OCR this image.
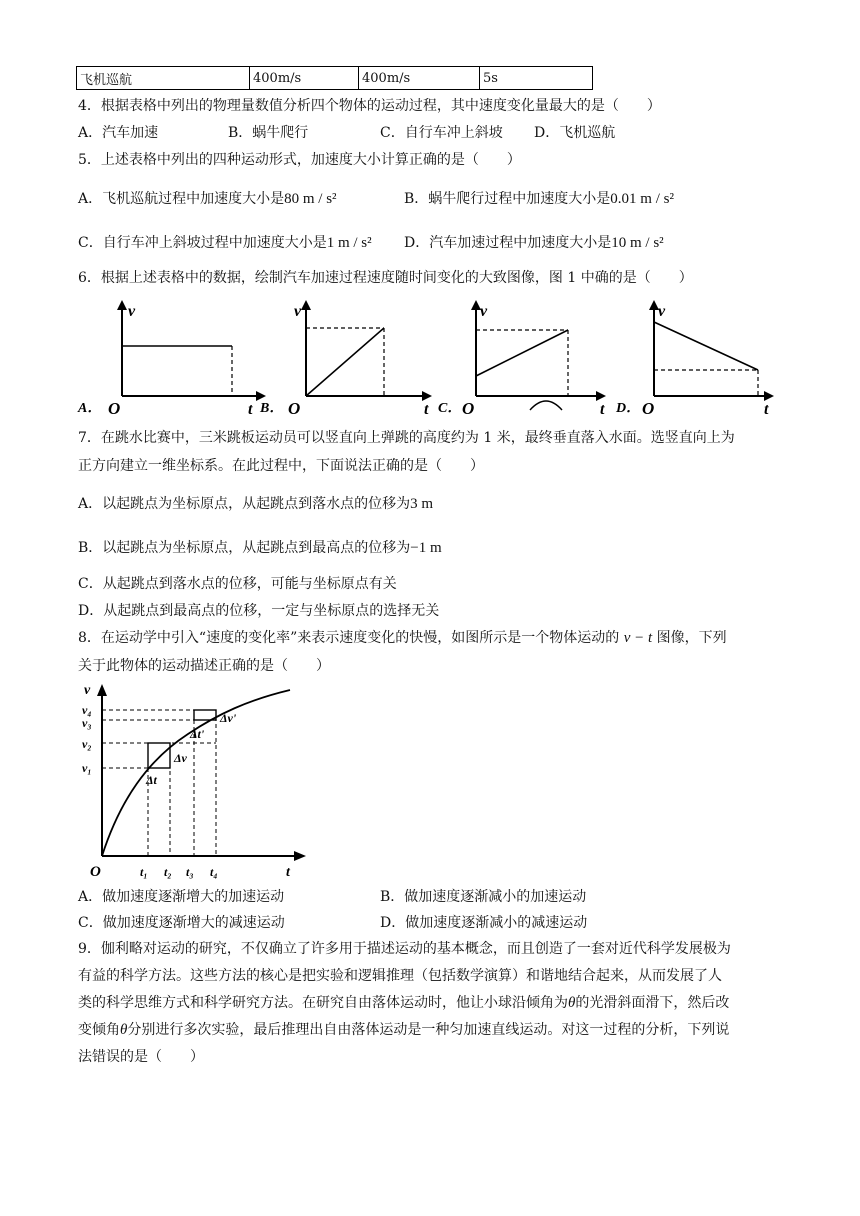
飞机巡航	400m/s	400m/s	5s
4．根据表格中列出的物理量数值分析四个物体的运动过程，其中速度变化量最大的是（　　）
A．汽车加速	B．蜗牛爬行	C．自行车冲上斜坡 D．飞机巡航
5．上述表格中列出的四种运动形式，加速度大小计算正确的是（　　）
A．飞机巡航过程中加速度大小是80 m / s²	B．蜗牛爬行过程中加速度大小是0.01 m / s²
C．自行车冲上斜坡过程中加速度大小是1 m / s² D．汽车加速过程中加速度大小是10 m / s²
6．根据上述表格中的数据，绘制汽车加速过程速度随时间变化的大致图像，图 1 中确的是（　　）
A．
v
t
O	B．
v
t
O	C．
v
t
O	D．
v
t
O
7．在跳水比赛中，三米跳板运动员可以竖直向上弹跳的高度约为 1 米，最终垂直落入水面。选竖直向上为
正方向建立一维坐标系。在此过程中，下面说法正确的是（　　）
A．以起跳点为坐标原点，从起跳点到落水点的位移为3 m
B．以起跳点为坐标原点，从起跳点到最高点的位移为−1 m
C．从起跳点到落水点的位移，可能与坐标原点有关
D．从起跳点到最高点的位移，一定与坐标原点的选择无关
8．在运动学中引入“速度的变化率”来表示速度变化的快慢，如图所示是一个物体运动的 v − t 图像，下列
关于此物体的运动描述正确的是（　　）
v
v₄
v₃
v₂
v₁
t₁ t₂ t₃ t₄	t
O
Δv'
Δt'
Δv
Δt
A．做加速度逐渐增大的加速运动	B．做加速度逐渐减小的加速运动
C．做加速度逐渐增大的减速运动	D．做加速度逐渐减小的减速运动
9．伽利略对运动的研究，不仅确立了许多用于描述运动的基本概念，而且创造了一套对近代科学发展极为
有益的科学方法。这些方法的核心是把实验和逻辑推理（包括数学演算）和谐地结合起来，从而发展了人
类的科学思维方式和科学研究方法。在研究自由落体运动时，他让小球沿倾角为θ的光滑斜面滑下，然后改
变倾角θ分别进行多次实验，最后推理出自由落体运动是一种匀加速直线运动。对这一过程的分析，下列说
法错误的是（　　）
